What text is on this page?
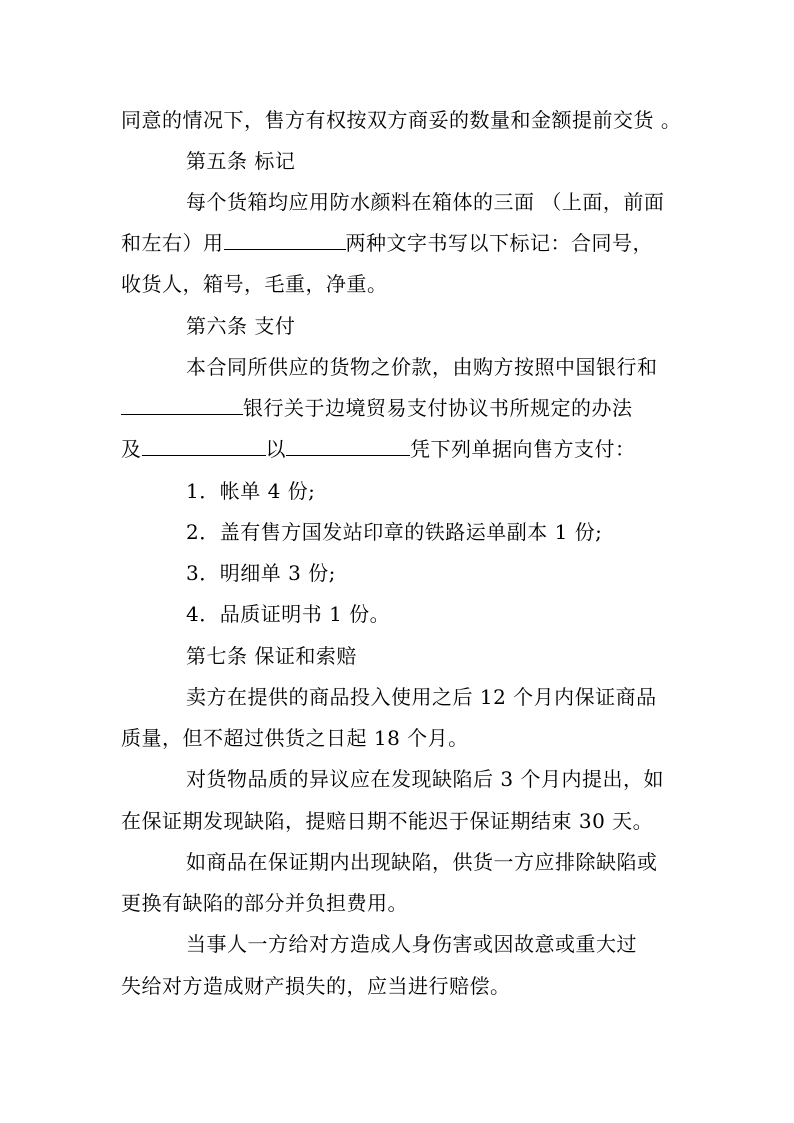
同意的情况下，售方有权按双方商妥的数量和金额提前交货 。
第五条 标记
每个货箱均应用防水颜料在箱体的三面 （上面，前面
和左右）用	两种文字书写以下标记：合同号，
收货人，箱号，毛重，净重。
第六条 支付
本合同所供应的货物之价款，由购方按照中国银行和
银行关于边境贸易支付协议书所规定的办法
及	以	凭下列单据向售方支付：
1．帐单 4 份;
2．盖有售方国发站印章的铁路运单副本 1 份;
3．明细单 3 份;
4．品质证明书 1 份。
第七条 保证和索赔
卖方在提供的商品投入使用之后 12 个月内保证商品
质量，但不超过供货之日起 18 个月。
对货物品质的异议应在发现缺陷后 3 个月内提出，如
在保证期发现缺陷，提赔日期不能迟于保证期结束 30 天。
如商品在保证期内出现缺陷，供货一方应排除缺陷或
更换有缺陷的部分并负担费用。
当事人一方给对方造成人身伤害或因故意或重大过
失给对方造成财产损失的，应当进行赔偿。
